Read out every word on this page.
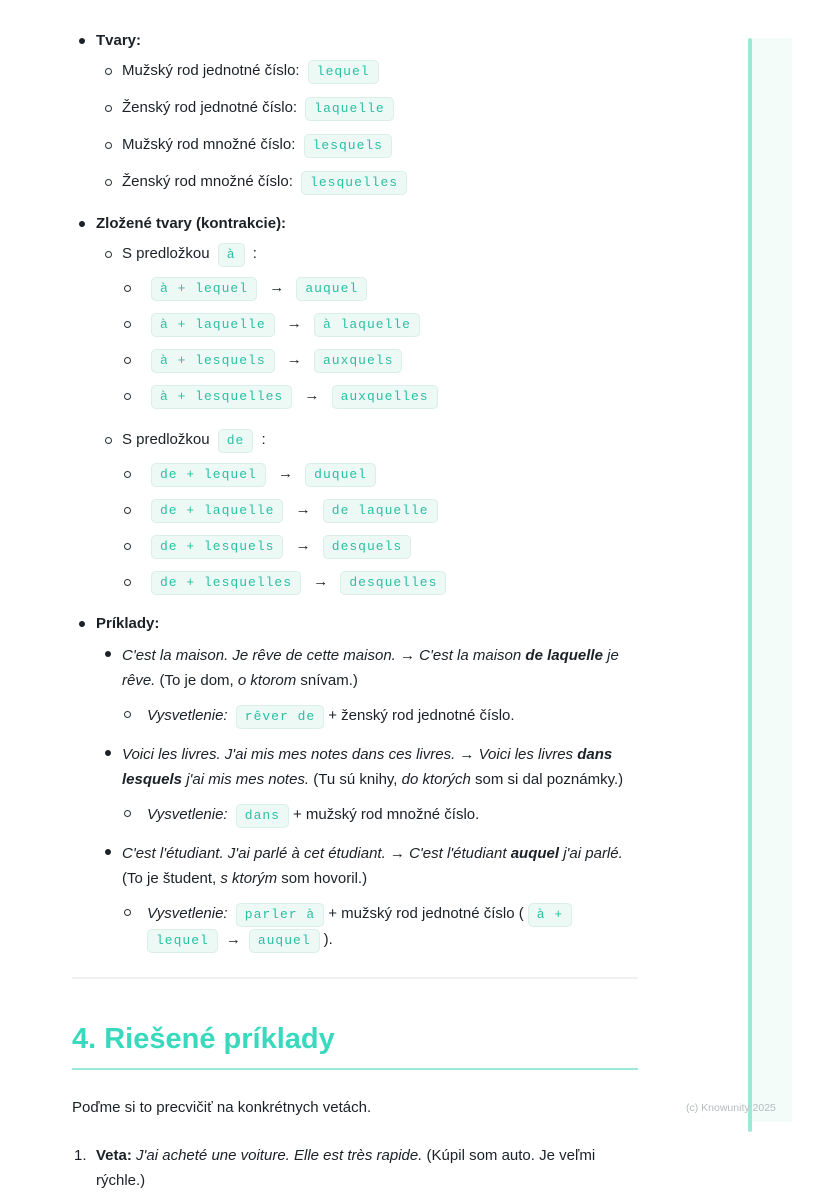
(c) Knowunity 2025
Tvary:
Mužský rod jednotné číslo: lequel
Ženský rod jednotné číslo: laquelle
Mužský rod množné číslo: lesquels
Ženský rod množné číslo: lesquelles
Zložené tvary (kontrakcie):
S predložkou à :
à + lequel → auquel
à + laquelle → à laquelle
à + lesquels → auxquels
à + lesquelles → auxquelles
S predložkou de :
de + lequel → duquel
de + laquelle → de laquelle
de + lesquels → desquels
de + lesquelles → desquelles
Príklady:
C'est la maison. Je rêve de cette maison. → C'est la maison de laquelle je rêve. (To je dom, o ktorom snívam.)
Vysvetlenie: rêver de + ženský rod jednotné číslo.
Voici les livres. J'ai mis mes notes dans ces livres. → Voici les livres dans lesquels j'ai mis mes notes. (Tu sú knihy, do ktorých som si dal poznámky.)
Vysvetlenie: dans + mužský rod množné číslo.
C'est l'étudiant. J'ai parlé à cet étudiant. → C'est l'étudiant auquel j'ai parlé. (To je študent, s ktorým som hovoril.)
Vysvetlenie: parler à + mužský rod jednotné číslo ( à +
lequel → auquel ).
4. Riešené príklady

Poďme si to precvičiť na konkrétnych vetách.

1. Veta: J'ai acheté une voiture. Elle est très rapide. (Kúpil som auto. Je veľmi rýchle.)
